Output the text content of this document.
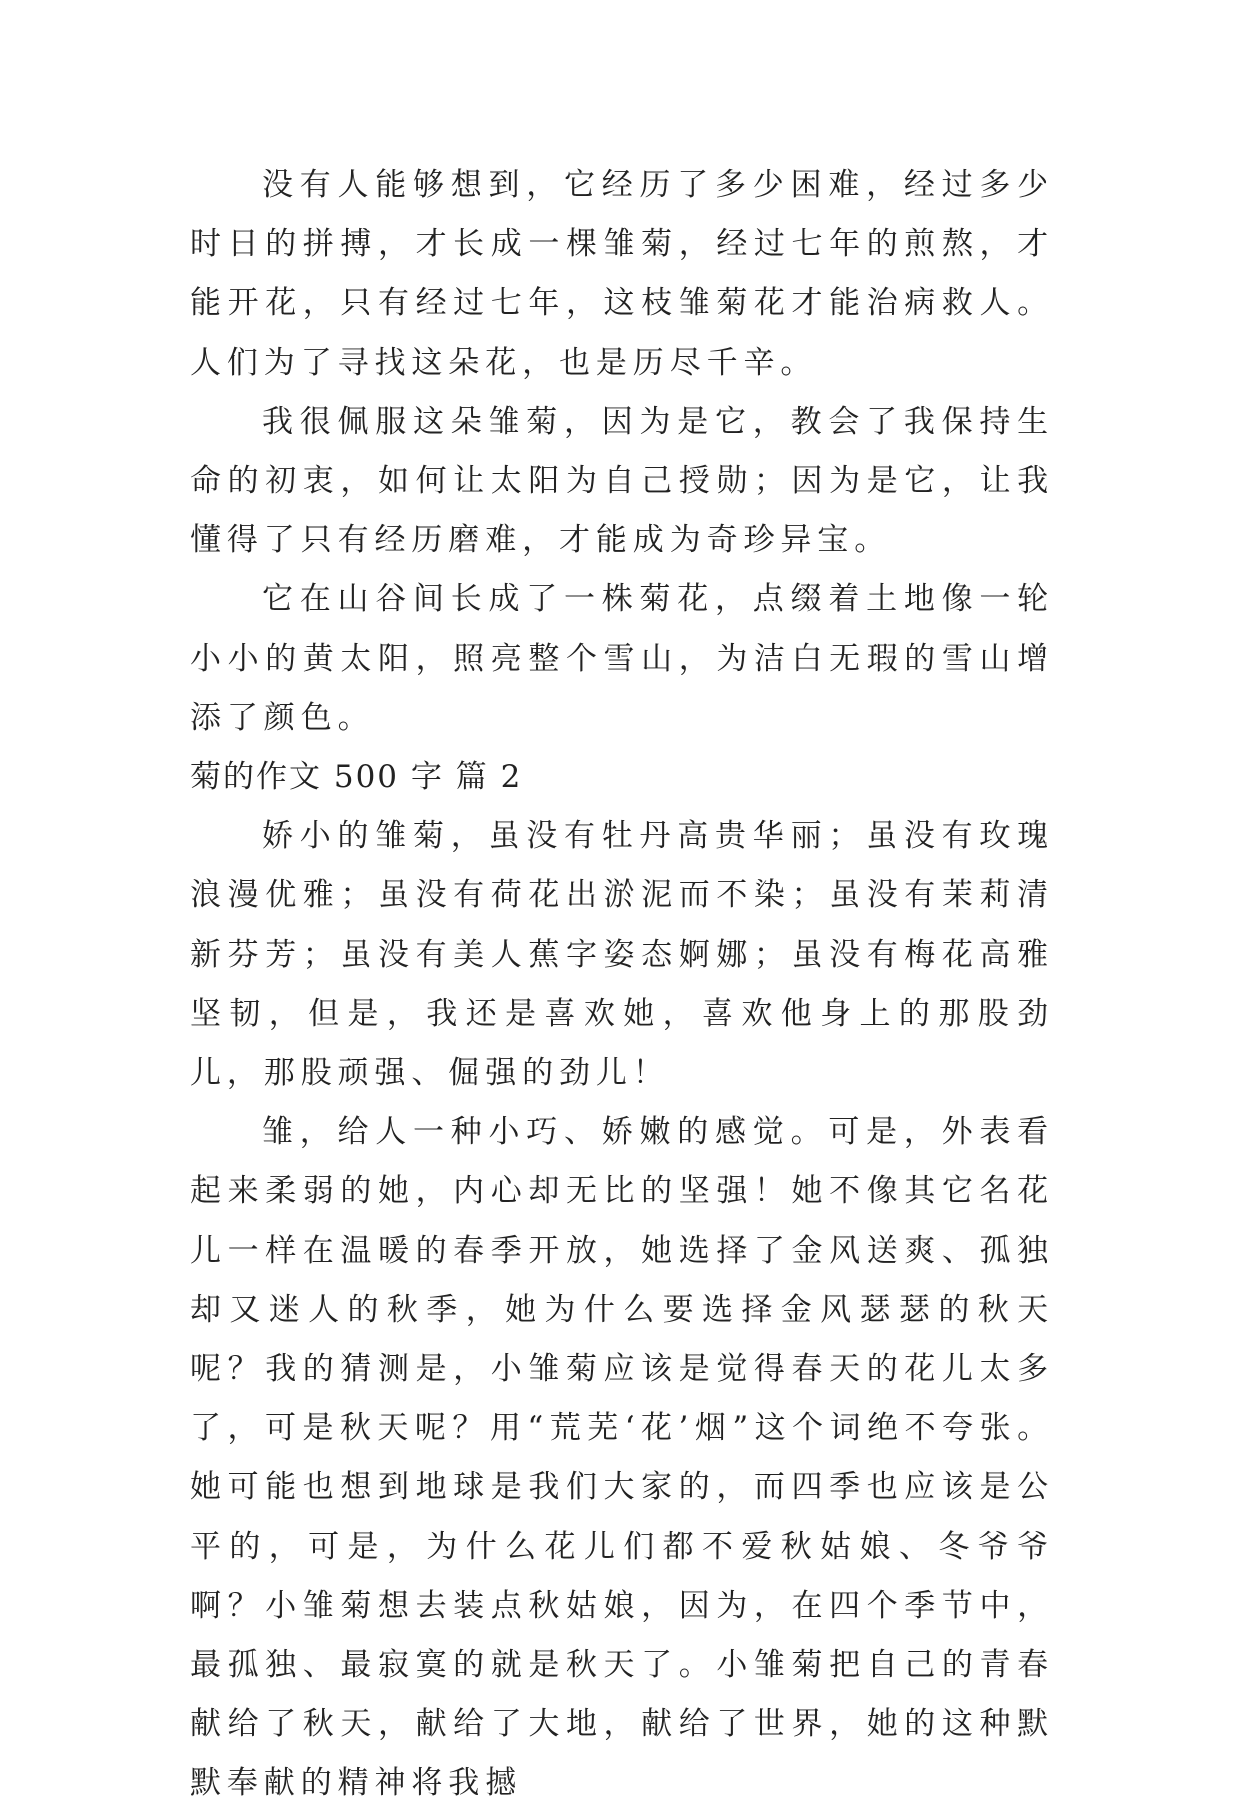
没有人能够想到，它经历了多少困难，经过多少时日的拼搏，才长成一棵雏菊，经过七年的煎熬，才能开花，只有经过七年，这枝雏菊花才能治病救人。人们为了寻找这朵花，也是历尽千辛。

我很佩服这朵雏菊，因为是它，教会了我保持生命的初衷，如何让太阳为自己授勋；因为是它，让我懂得了只有经历磨难，才能成为奇珍异宝。

它在山谷间长成了一株菊花，点缀着土地像一轮小小的黄太阳，照亮整个雪山，为洁白无瑕的雪山增添了颜色。

菊的作文 500 字 篇 2

娇小的雏菊，虽没有牡丹高贵华丽；虽没有玫瑰浪漫优雅；虽没有荷花出淤泥而不染；虽没有茉莉清新芬芳；虽没有美人蕉字姿态婀娜；虽没有梅花高雅坚韧，但是，我还是喜欢她，喜欢他身上的那股劲儿，那股顽强、倔强的劲儿！

雏，给人一种小巧、娇嫩的感觉。可是，外表看起来柔弱的她，内心却无比的坚强！她不像其它名花儿一样在温暖的春季开放，她选择了金风送爽、孤独却又迷人的秋季，她为什么要选择金风瑟瑟的秋天呢？我的猜测是，小雏菊应该是觉得春天的花儿太多了，可是秋天呢？用“荒芜‘花’烟”这个词绝不夸张。她可能也想到地球是我们大家的，而四季也应该是公平的，可是，为什么花儿们都不爱秋姑娘、冬爷爷啊？小雏菊想去装点秋姑娘，因为，在四个季节中，最孤独、最寂寞的就是秋天了。小雏菊把自己的青春献给了秋天，献给了大地，献给了世界，她的这种默默奉献的精神将我撼
